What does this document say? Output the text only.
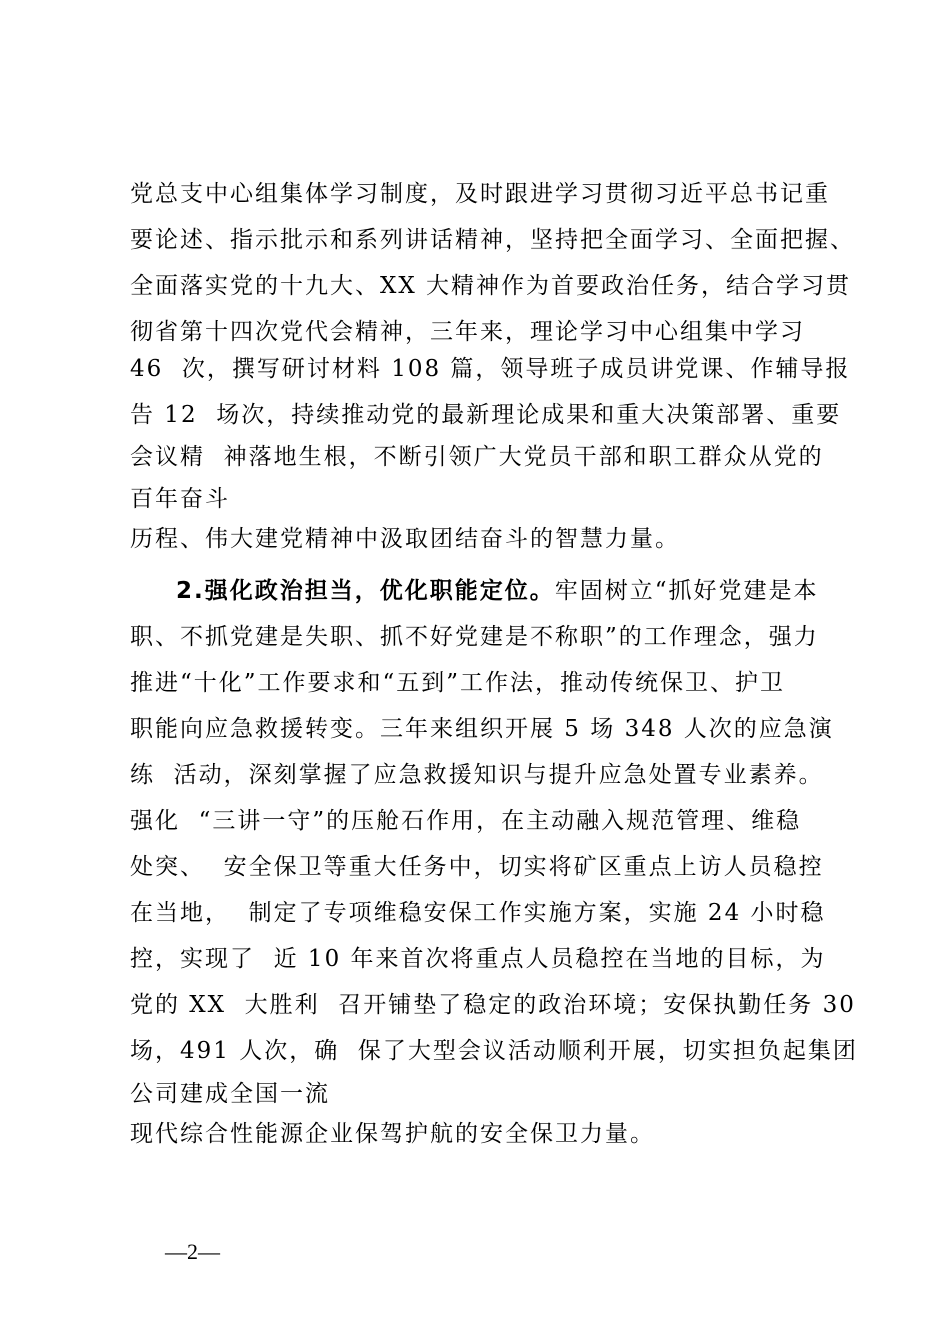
党总支中心组集体学习制度，及时跟进学习贯彻习近平总书记重

要论述、指示批示和系列讲话精神，坚持把全面学习、全面把握、

全面落实党的十九大、XX 大精神作为首要政治任务，结合学习贯

彻省第十四次党代会精神，三年来，理论学习中心组集中学习

46  次，撰写研讨材料 108 篇，领导班子成员讲党课、作辅导报

告 12  场次，持续推动党的最新理论成果和重大决策部署、重要

会议精  神落地生根，不断引领广大党员干部和职工群众从党的

百年奋斗

历程、伟大建党精神中汲取团结奋斗的智慧力量。

2.强化政治担当，优化职能定位。牢固树立“抓好党建是本

职、不抓党建是失职、抓不好党建是不称职”的工作理念，强力

推进“十化”工作要求和“五到”工作法，推动传统保卫、护卫

职能向应急救援转变。三年来组织开展 5 场 348 人次的应急演

练  活动，深刻掌握了应急救援知识与提升应急处置专业素养。

强化  “三讲一守”的压舱石作用，在主动融入规范管理、维稳

处突、  安全保卫等重大任务中，切实将矿区重点上访人员稳控

在当地，  制定了专项维稳安保工作实施方案，实施 24 小时稳

控，实现了  近 10 年来首次将重点人员稳控在当地的目标，为

党的 XX  大胜利  召开铺垫了稳定的政治环境；安保执勤任务 30

场，491 人次，确  保了大型会议活动顺利开展，切实担负起集团

公司建成全国一流

现代综合性能源企业保驾护航的安全保卫力量。

—2—
